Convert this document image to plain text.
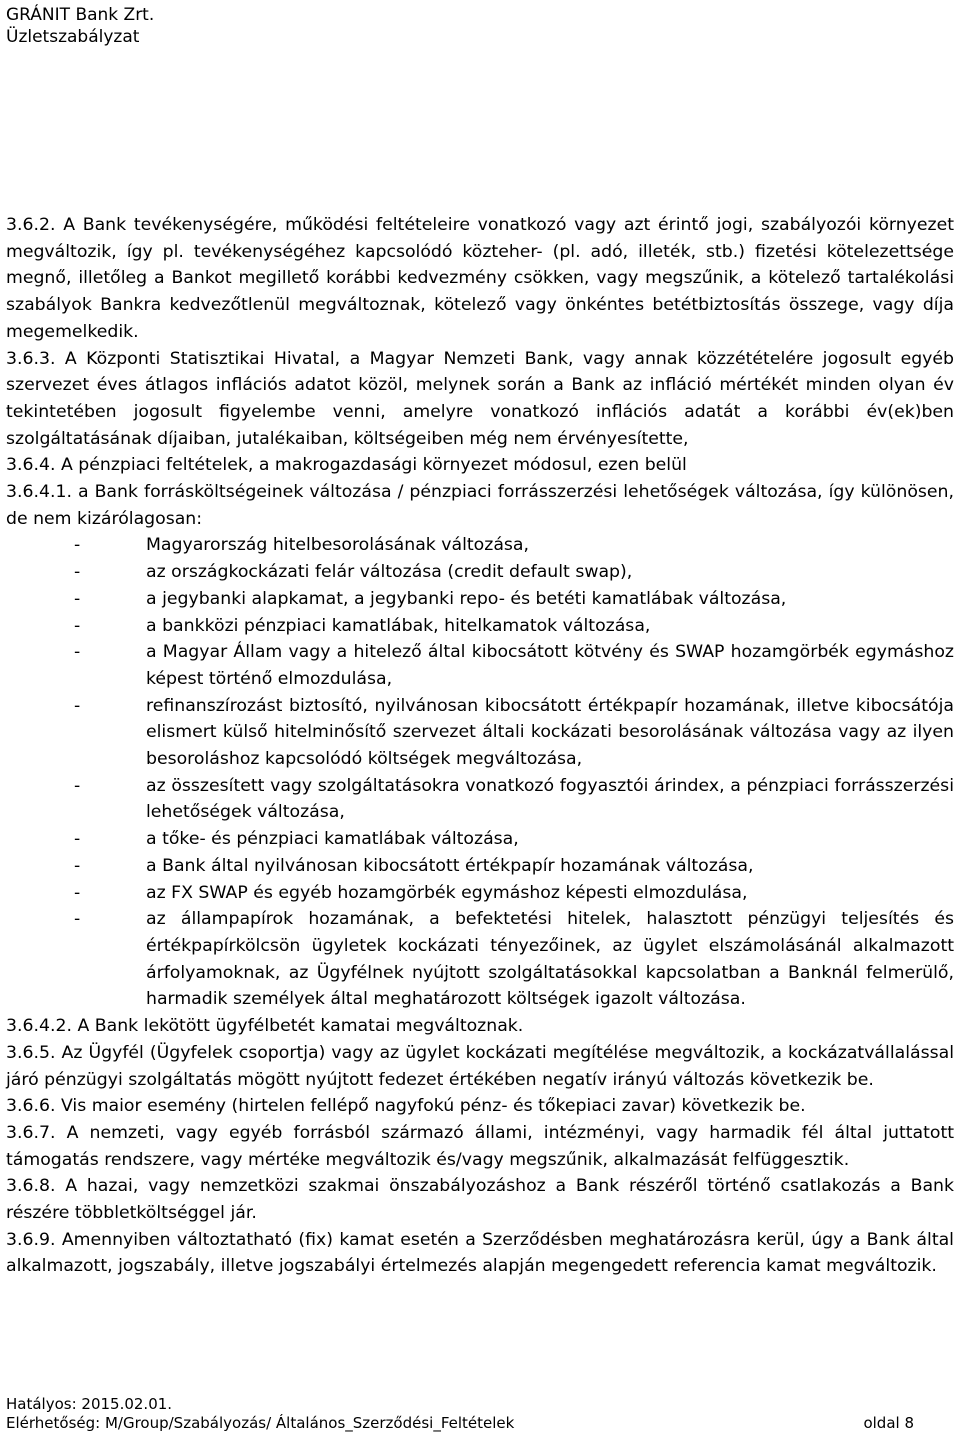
GRÁNIT Bank Zrt.
Üzletszabályzat

3.6.2. A Bank tevékenységére, működési feltételeire vonatkozó vagy azt érintő jogi, szabályozói környezet megváltozik, így pl. tevékenységéhez kapcsolódó közteher- (pl. adó, illeték, stb.) fizetési kötelezettsége megnő, illetőleg a Bankot megillető korábbi kedvezmény csökken, vagy megszűnik, a kötelező tartalékolási szabályok Bankra kedvezőtlenül megváltoznak, kötelező vagy önkéntes betétbiztosítás összege, vagy díja megemelkedik.

3.6.3. A Központi Statisztikai Hivatal, a Magyar Nemzeti Bank, vagy annak közzétételére jogosult egyéb szervezet éves átlagos inflációs adatot közöl, melynek során a Bank az infláció mértékét minden olyan év tekintetében jogosult figyelembe venni, amelyre vonatkozó inflációs adatát a korábbi év(ek)ben szolgáltatásának díjaiban, jutalékaiban, költségeiben még nem érvényesítette,

3.6.4. A pénzpiaci feltételek, a makrogazdasági környezet módosul, ezen belül

3.6.4.1. a Bank forrásköltségeinek változása / pénzpiaci forrásszerzési lehetőségek változása, így különösen, de nem kizárólagosan:

-	Magyarország hitelbesorolásának változása,
-	az országkockázati felár változása (credit default swap),
-	a jegybanki alapkamat, a jegybanki repo- és betéti kamatlábak változása,
-	a bankközi pénzpiaci kamatlábak, hitelkamatok változása,
-	a Magyar Állam vagy a hitelező által kibocsátott kötvény és SWAP hozamgörbék egymáshoz képest történő elmozdulása,
-	refinanszírozást biztosító, nyilvánosan kibocsátott értékpapír hozamának, illetve kibocsátója elismert külső hitelminősítő szervezet általi kockázati besorolásának változása vagy az ilyen besoroláshoz kapcsolódó költségek megváltozása,
-	az összesített vagy szolgáltatásokra vonatkozó fogyasztói árindex, a pénzpiaci forrásszerzési lehetőségek változása,
-	a tőke- és pénzpiaci kamatlábak változása,
-	a Bank által nyilvánosan kibocsátott értékpapír hozamának változása,
-	az FX SWAP és egyéb hozamgörbék egymáshoz képesti elmozdulása,
-	az állampapírok hozamának, a befektetési hitelek, halasztott pénzügyi teljesítés és értékpapírkölcsön ügyletek kockázati tényezőinek, az ügylet elszámolásánál alkalmazott árfolyamoknak, az Ügyfélnek nyújtott szolgáltatásokkal kapcsolatban a Banknál felmerülő, harmadik személyek által meghatározott költségek igazolt változása.

3.6.4.2. A Bank lekötött ügyfélbetét kamatai megváltoznak.

3.6.5. Az Ügyfél (Ügyfelek csoportja) vagy az ügylet kockázati megítélése megváltozik, a kockázatvállalással járó pénzügyi szolgáltatás mögött nyújtott fedezet értékében negatív irányú változás következik be.

3.6.6. Vis maior esemény (hirtelen fellépő nagyfokú pénz- és tőkepiaci zavar) következik be.

3.6.7. A nemzeti, vagy egyéb forrásból származó állami, intézményi, vagy harmadik fél által juttatott támogatás rendszere, vagy mértéke megváltozik és/vagy megszűnik, alkalmazását felfüggesztik.

3.6.8. A hazai, vagy nemzetközi szakmai önszabályozáshoz a Bank részéről történő csatlakozás a Bank részére többletköltséggel jár.

3.6.9. Amennyiben változtatható (fix) kamat esetén a Szerződésben meghatározásra kerül, úgy a Bank által alkalmazott, jogszabály, illetve jogszabályi értelmezés alapján megengedett referencia kamat megváltozik.

Hatályos: 2015.02.01.
Elérhetőség: M/Group/Szabályozás/ Általános_Szerződési_Feltételek	oldal 8
